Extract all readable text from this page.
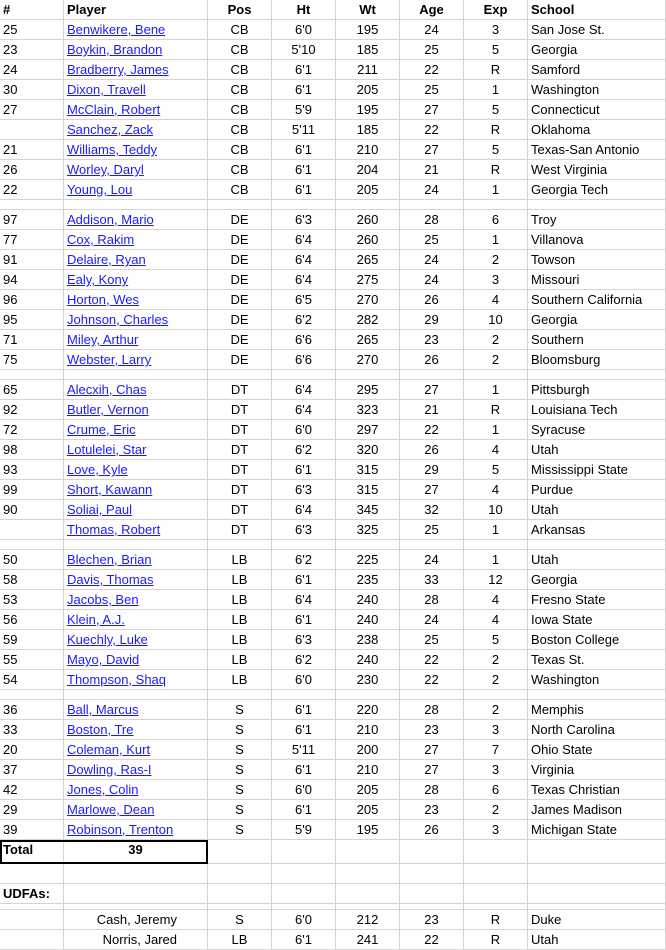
#	Player	Pos	Ht	Wt	Age	Exp	School
25	Benwikere, Bene	CB	6'0	195	24	3	San Jose St.
23	Boykin, Brandon	CB	5'10	185	25	5	Georgia
24	Bradberry, James	CB	6'1	211	22	R	Samford
30	Dixon, Travell	CB	6'1	205	25	1	Washington
27	McClain, Robert	CB	5'9	195	27	5	Connecticut
Sanchez, Zack	CB	5'11	185	22	R	Oklahoma
21	Williams, Teddy	CB	6'1	210	27	5	Texas-San Antonio
26	Worley, Daryl	CB	6'1	204	21	R	West Virginia
22	Young, Lou	CB	6'1	205	24	1	Georgia Tech
97	Addison, Mario	DE	6'3	260	28	6	Troy
77	Cox, Rakim	DE	6'4	260	25	1	Villanova
91	Delaire, Ryan	DE	6'4	265	24	2	Towson
94	Ealy, Kony	DE	6'4	275	24	3	Missouri
96	Horton, Wes	DE	6'5	270	26	4	Southern California
95	Johnson, Charles	DE	6'2	282	29	10	Georgia
71	Miley, Arthur	DE	6'6	265	23	2	Southern
75	Webster, Larry	DE	6'6	270	26	2	Bloomsburg
65	Alecxih, Chas	DT	6'4	295	27	1	Pittsburgh
92	Butler, Vernon	DT	6'4	323	21	R	Louisiana Tech
72	Crume, Eric	DT	6'0	297	22	1	Syracuse
98	Lotulelei, Star	DT	6'2	320	26	4	Utah
93	Love, Kyle	DT	6'1	315	29	5	Mississippi State
99	Short, Kawann	DT	6'3	315	27	4	Purdue
90	Soliai, Paul	DT	6'4	345	32	10	Utah
Thomas, Robert	DT	6'3	325	25	1	Arkansas
50	Blechen, Brian	LB	6'2	225	24	1	Utah
58	Davis, Thomas	LB	6'1	235	33	12	Georgia
53	Jacobs, Ben	LB	6'4	240	28	4	Fresno State
56	Klein, A.J.	LB	6'1	240	24	4	Iowa State
59	Kuechly, Luke	LB	6'3	238	25	5	Boston College
55	Mayo, David	LB	6'2	240	22	2	Texas St.
54	Thompson, Shaq	LB	6'0	230	22	2	Washington
36	Ball, Marcus	S	6'1	220	28	2	Memphis
33	Boston, Tre	S	6'1	210	23	3	North Carolina
20	Coleman, Kurt	S	5'11	200	27	7	Ohio State
37	Dowling, Ras-I	S	6'1	210	27	3	Virginia
42	Jones, Colin	S	6'0	205	28	6	Texas Christian
29	Marlowe, Dean	S	6'1	205	23	2	James Madison
39	Robinson, Trenton	S	5'9	195	26	3	Michigan State
Total	39
UDFAs:
Cash, Jeremy	S	6'0	212	23	R	Duke
Norris, Jared	LB	6'1	241	22	R	Utah
